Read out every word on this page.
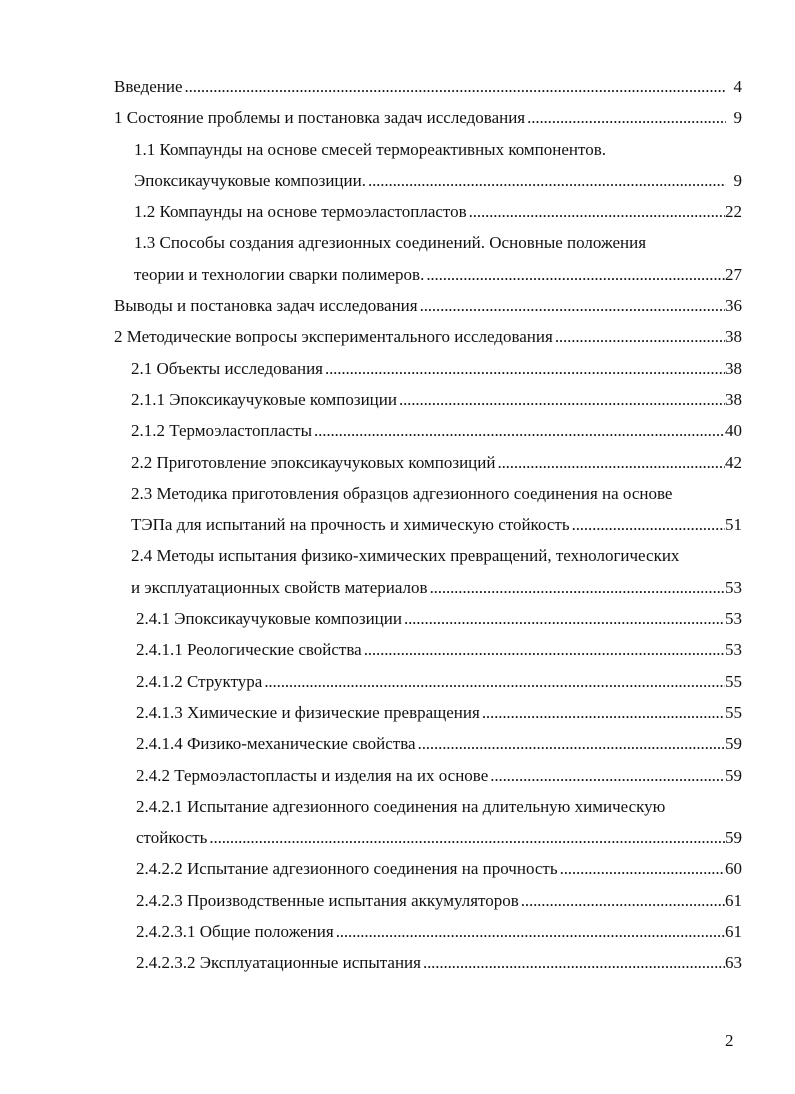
Введение . . .	4
1 Состояние проблемы и постановка задач исследования . . .	9
1.1 Компаунды на основе смесей термореактивных компонентов.
Эпоксикаучуковые композиции. . . .	9
1.2 Компаунды на основе термоэластопластов . . .	22
1.3 Способы создания адгезионных соединений. Основные положения
теории и технологии сварки полимеров. . . .	27
Выводы и постановка задач исследования . . .	36
2 Методические вопросы экспериментального исследования . . .	38
2.1 Объекты исследования . . .	38
2.1.1 Эпоксикаучуковые композиции . . .	38
2.1.2 Термоэластопласты . . .	40
2.2 Приготовление эпоксикаучуковых композиций . . .	42
2.3 Методика приготовления образцов адгезионного соединения на основе
ТЭПа для испытаний на прочность и химическую стойкость . . .	51
2.4 Методы испытания физико-химических превращений, технологических
и эксплуатационных свойств материалов . . .	53
2.4.1 Эпоксикаучуковые композиции . . .	53
2.4.1.1 Реологические свойства . . .	53
2.4.1.2 Структура . . .	55
2.4.1.3 Химические и физические превращения . . .	55
2.4.1.4 Физико-механические свойства . . .	59
2.4.2 Термоэластопласты и изделия на их основе . . .	59
2.4.2.1 Испытание адгезионного соединения на длительную химическую
стойкость . . .	59
2.4.2.2 Испытание адгезионного соединения на прочность . . .	60
2.4.2.3 Производственные испытания аккумуляторов . . .	61
2.4.2.3.1 Общие положения . . .	61
2.4.2.3.2 Эксплуатационные испытания . . .	63
2
